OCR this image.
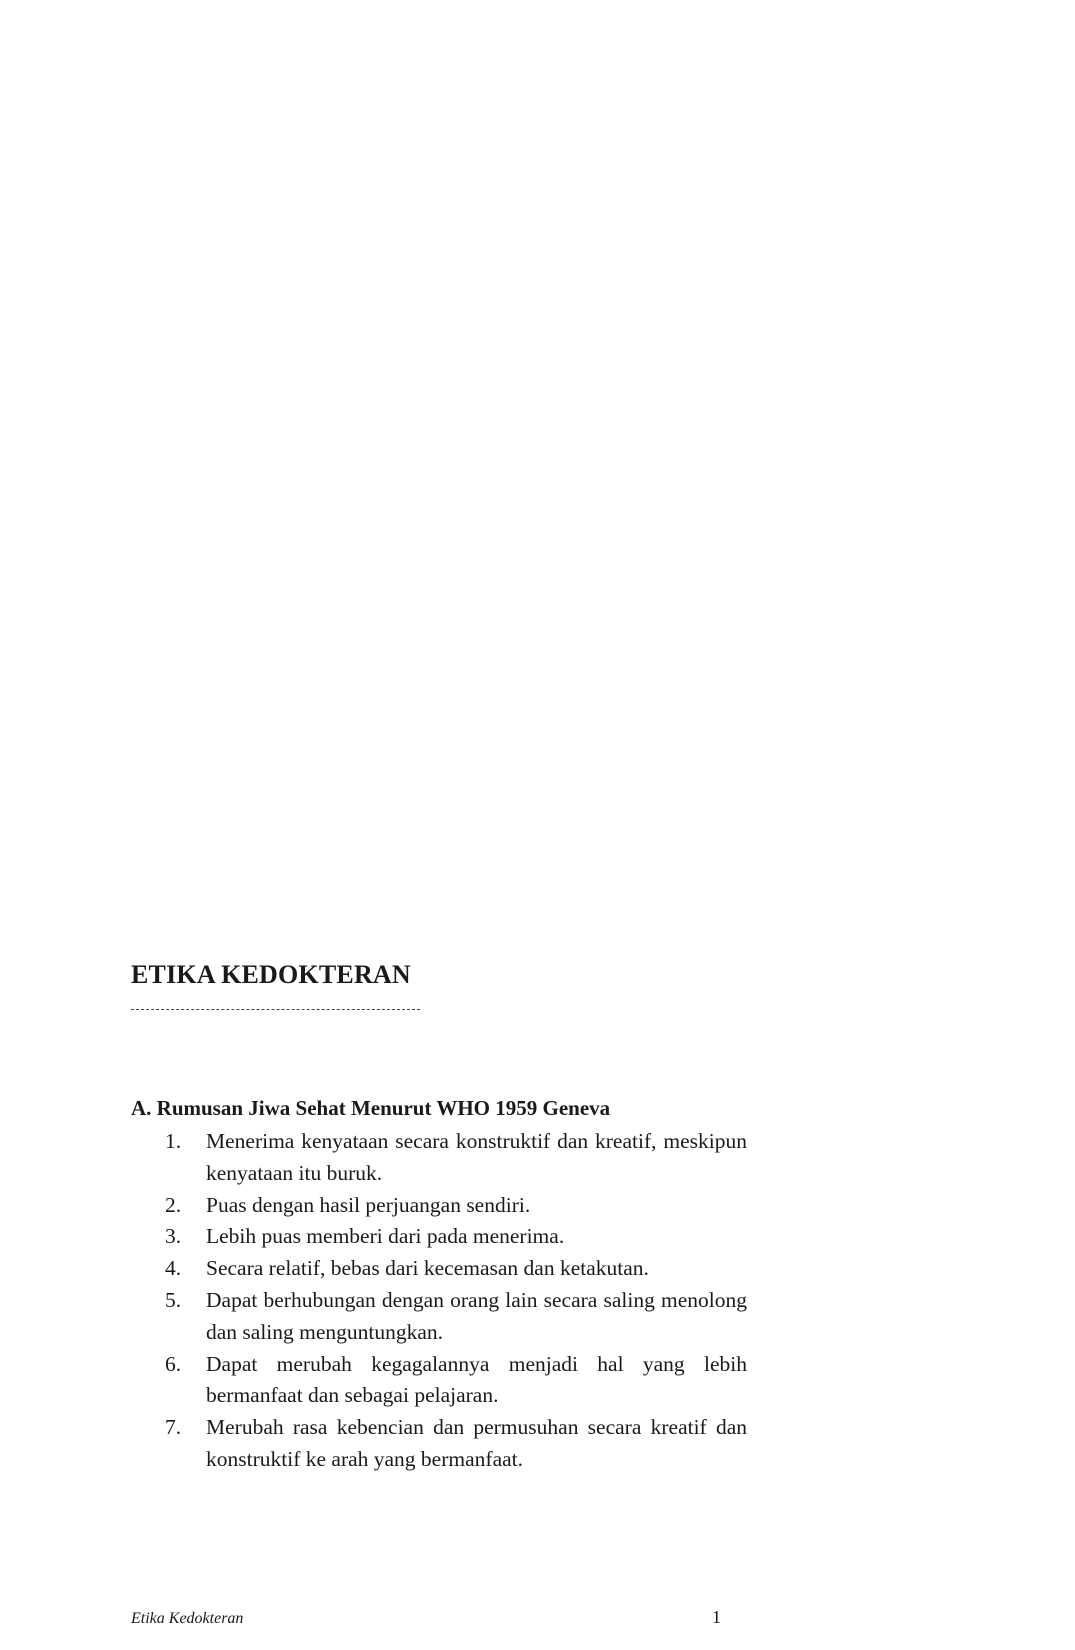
ETIKA KEDOKTERAN
A. Rumusan Jiwa Sehat Menurut WHO 1959 Geneva
1.	Menerima kenyataan secara konstruktif dan kreatif, meskipun kenyataan itu buruk.
2.	Puas dengan hasil perjuangan sendiri.
3.	Lebih puas memberi dari pada menerima.
4.	Secara relatif, bebas dari kecemasan dan ketakutan.
5.	Dapat berhubungan dengan orang lain secara saling menolong dan saling menguntungkan.
6.	Dapat merubah kegagalannya menjadi hal yang lebih bermanfaat dan sebagai pelajaran.
7.	Merubah rasa kebencian dan permusuhan secara kreatif dan konstruktif ke arah yang bermanfaat.
Etika Kedokteran	1
